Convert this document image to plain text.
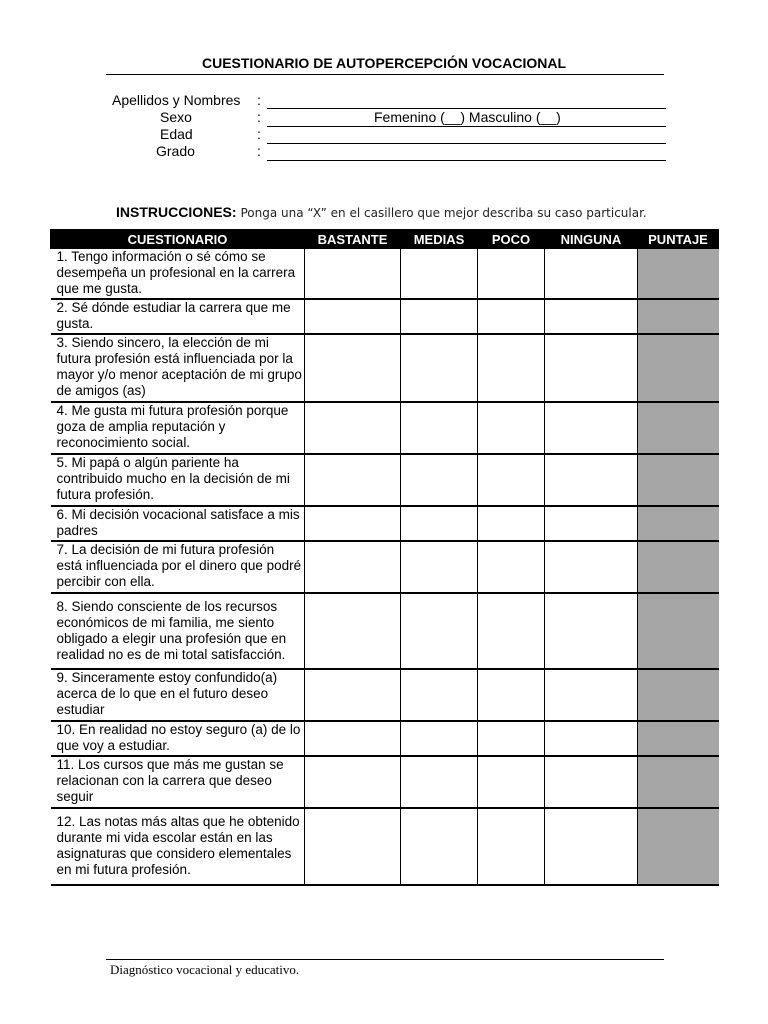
CUESTIONARIO DE AUTOPERCEPCIÓN VOCACIONAL
Apellidos y Nombres :
Sexo	:	Femenino (__) Masculino (__)
Edad	:
Grado	:
INSTRUCCIONES: Ponga una “X” en el casillero que mejor describa su caso particular.
CUESTIONARIO	BASTANTE	MEDIAS	POCO	NINGUNA	PUNTAJE
1. Tengo información o sé cómo se desempeña un profesional en la carrera que me gusta.					
2. Sé dónde estudiar la carrera que me gusta.					
3. Siendo sincero, la elección de mi futura profesión está influenciada por la mayor y/o menor aceptación de mi grupo de amigos (as)					
4. Me gusta mi futura profesión porque goza de amplia reputación y reconocimiento social.					
5. Mi papá o algún pariente ha contribuido mucho en la decisión de mi futura profesión.					
6. Mi decisión vocacional satisface a mis padres					
7. La decisión de mi futura profesión está influenciada por el dinero que podré percibir con ella.					
8. Siendo consciente de los recursos económicos de mi familia, me siento obligado a elegir una profesión que en realidad no es de mi total satisfacción.					
9. Sinceramente estoy confundido(a) acerca de lo que en el futuro deseo estudiar					
10. En realidad no estoy seguro (a) de lo que voy a estudiar.					
11. Los cursos que más me gustan se relacionan con la carrera que deseo seguir					
12. Las notas más altas que he obtenido durante mi vida escolar están en las asignaturas que considero elementales en mi futura profesión.					
Diagnóstico vocacional y educativo.
